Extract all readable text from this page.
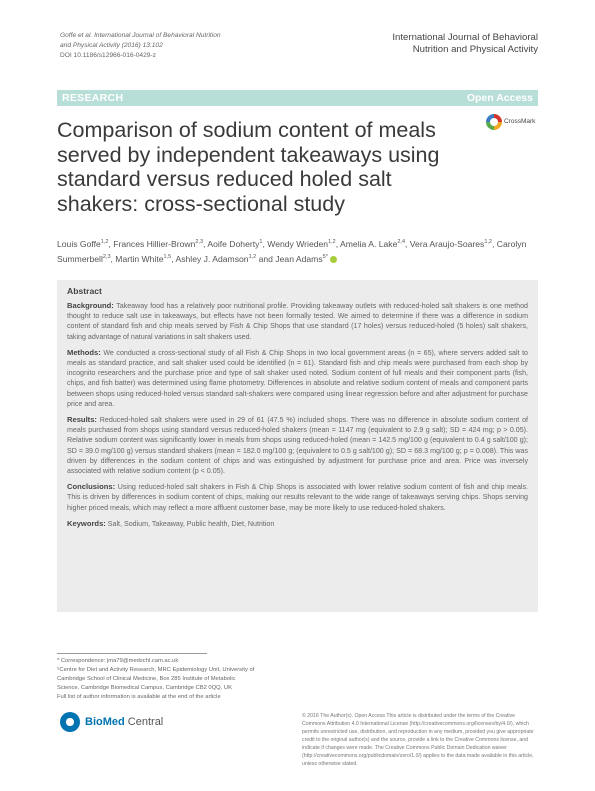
Goffe et al. International Journal of Behavioral Nutrition
and Physical Activity (2016) 13:102
DOI 10.1186/s12966-016-0429-z
International Journal of Behavioral
Nutrition and Physical Activity
RESEARCH	Open Access
Comparison of sodium content of meals served by independent takeaways using standard versus reduced holed salt shakers: cross-sectional study
CrossMark
Louis Goffe$^{1,2}$, Frances Hillier-Brown$^{2,3}$, Aoife Doherty$^1$, Wendy Wrieden$^{1,2}$, Amelia A. Lake$^{2,4}$, Vera Araujo-Soares$^{1,2}$, Carolyn Summerbell$^{2,3}$, Martin White$^{1,5}$, Ashley J. Adamson$^{1,2}$ and Jean Adams$^{5*}$
Abstract
Background: Takeaway food has a relatively poor nutritional profile. Providing takeaway outlets with reduced-holed salt shakers is one method thought to reduce salt use in takeaways, but effects have not been formally tested. We aimed to determine if there was a difference in sodium content of standard fish and chip meals served by Fish & Chip Shops that use standard (17 holes) versus reduced-holed (5 holes) salt shakers, taking advantage of natural variations in salt shakers used.
Methods: We conducted a cross-sectional study of all Fish & Chip Shops in two local government areas (n = 65), where servers added salt to meals as standard practice, and salt shaker used could be identified (n = 61). Standard fish and chip meals were purchased from each shop by incognito researchers and the purchase price and type of salt shaker used noted. Sodium content of full meals and their component parts (fish, chips, and fish batter) was determined using flame photometry. Differences in absolute and relative sodium content of meals and component parts between shops using reduced-holed versus standard salt-shakers were compared using linear regression before and after adjustment for purchase price and area.
Results: Reduced-holed salt shakers were used in 29 of 61 (47.5 %) included shops. There was no difference in absolute sodium content of meals purchased from shops using standard versus reduced-holed shakers (mean = 1147 mg (equivalent to 2.9 g salt); SD = 424 mg; p > 0.05). Relative sodium content was significantly lower in meals from shops using reduced-holed (mean = 142.5 mg/100 g (equivalent to 0.4 g salt/100 g); SD = 39.0 mg/100 g) versus standard shakers (mean = 182.0 mg/100 g; (equivalent to 0.5 g salt/100 g); SD = 68.3 mg/100 g; p = 0.008). This was driven by differences in the sodium content of chips and was extinguished by adjustment for purchase price and area. Price was inversely associated with relative sodium content (p < 0.05).
Conclusions: Using reduced-holed salt shakers in Fish & Chip Shops is associated with lower relative sodium content of fish and chip meals. This is driven by differences in sodium content of chips, making our results relevant to the wide range of takeaways serving chips. Shops serving higher priced meals, which may reflect a more affluent customer base, may be more likely to use reduced-holed shakers.
Keywords: Salt, Sodium, Takeaway, Public health, Diet, Nutrition
* Correspondence: jma79@medschl.cam.ac.uk
⁵Centre for Diet and Activity Research, MRC Epidemiology Unit, University of
Cambridge School of Clinical Medicine, Box 285 Institute of Metabolic
Science, Cambridge Biomedical Campus, Cambridge CB2 0QQ, UK
Full list of author information is available at the end of the article
BioMed Central	© 2016 The Author(s). Open Access This article is distributed under the terms of the Creative Commons Attribution 4.0 International License (http://creativecommons.org/licenses/by/4.0/), which permits unrestricted use, distribution, and reproduction in any medium, provided you give appropriate credit to the original author(s) and the source, provide a link to the Creative Commons license, and indicate if changes were made. The Creative Commons Public Domain Dedication waiver (http://creativecommons.org/publicdomain/zero/1.0/) applies to the data made available in this article, unless otherwise stated.
